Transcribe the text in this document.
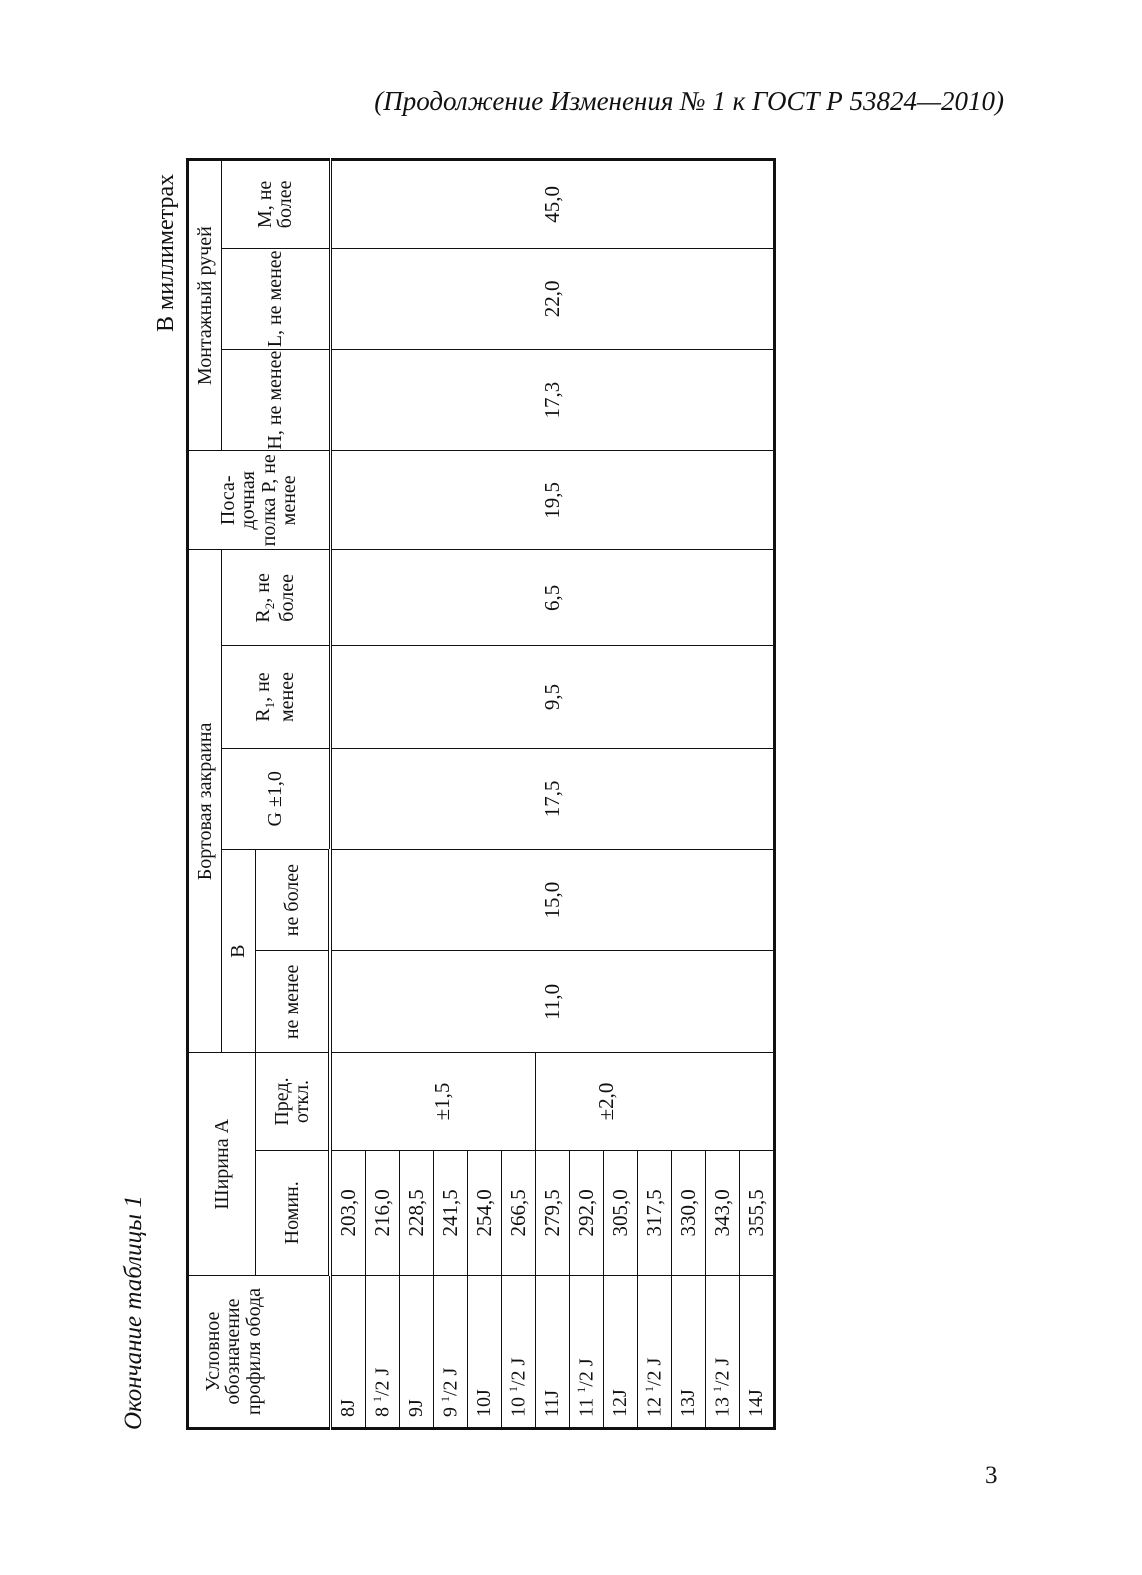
(Продолжение Изменения № 1 к ГОСТ Р 53824—2010)
Окончание таблицы 1
В миллиметрах
Условное обозначение профиля обода	Ширина A		Бортовая закраина					Поса-дочная полка P, не менее	Монтажный ручей		
			B		G ±1,0	$R_1$, не менее	$R_2$, не более		H, не менее	L, не менее	M, не более
	Номин.	Пред. откл.	не менее	не более							
8J	203,0	±1,5	11,0	15,0	17,5	9,5	6,5	19,5	17,3	22,0	45,0
8 $^1$/2 J	216,0										
9J	228,5										
9 $^1$/2 J	241,5										
10J	254,0										
10 $^1$/2 J	266,5										
11J	279,5	±2,0									
11 $^1$/2 J	292,0										
12J	305,0										
12 $^1$/2 J	317,5										
13J	330,0										
13 $^1$/2 J	343,0										
14J	355,5										
3
